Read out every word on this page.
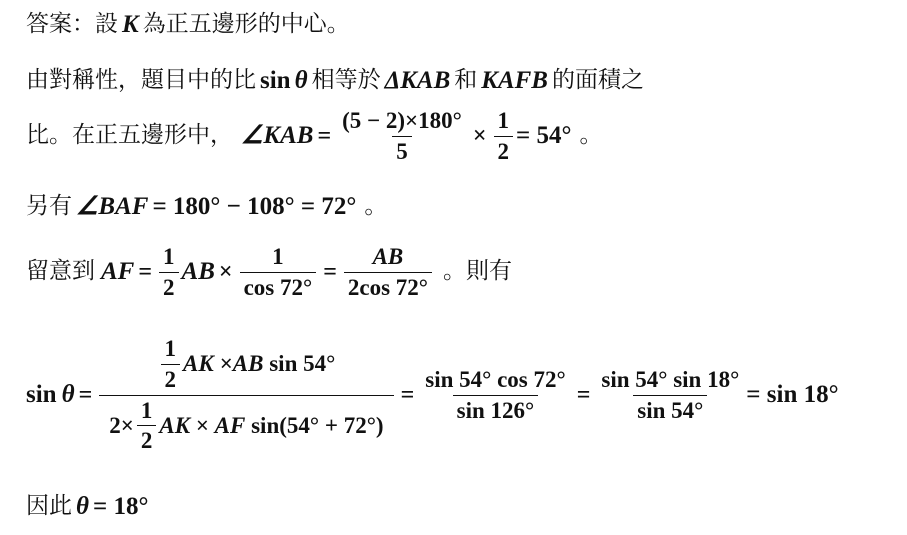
答案：設 K 為正五邊形的中心。
由對稱性，題目中的比 sin θ 相等於 ΔKAB 和 KAFB 的面積之
比。在正五邊形中， ∠KAB = $\frac{(5 - 2)\times 180^\circ}{5} \times \frac{1}{2} = 54^\circ$ 。
另有 ∠BAF = 180° − 108° = 72° 。
留意到 AF = $\frac{1}{2}$ AB × $\frac{1}{\cos 72^\circ} = \frac{AB}{2\cos 72^\circ}$ 。則有
sin θ =
$\frac{1}{2}$ AK × AB sin 54°
$2\times \frac{1}{2}$ AK × AF sin(54° + 72°)
= $\frac{\sin 54^\circ \cos 72^\circ}{\sin 126^\circ} = \frac{\sin 54^\circ \sin 18^\circ}{\sin 54^\circ} = \sin 18^\circ$
因此 θ = 18°
